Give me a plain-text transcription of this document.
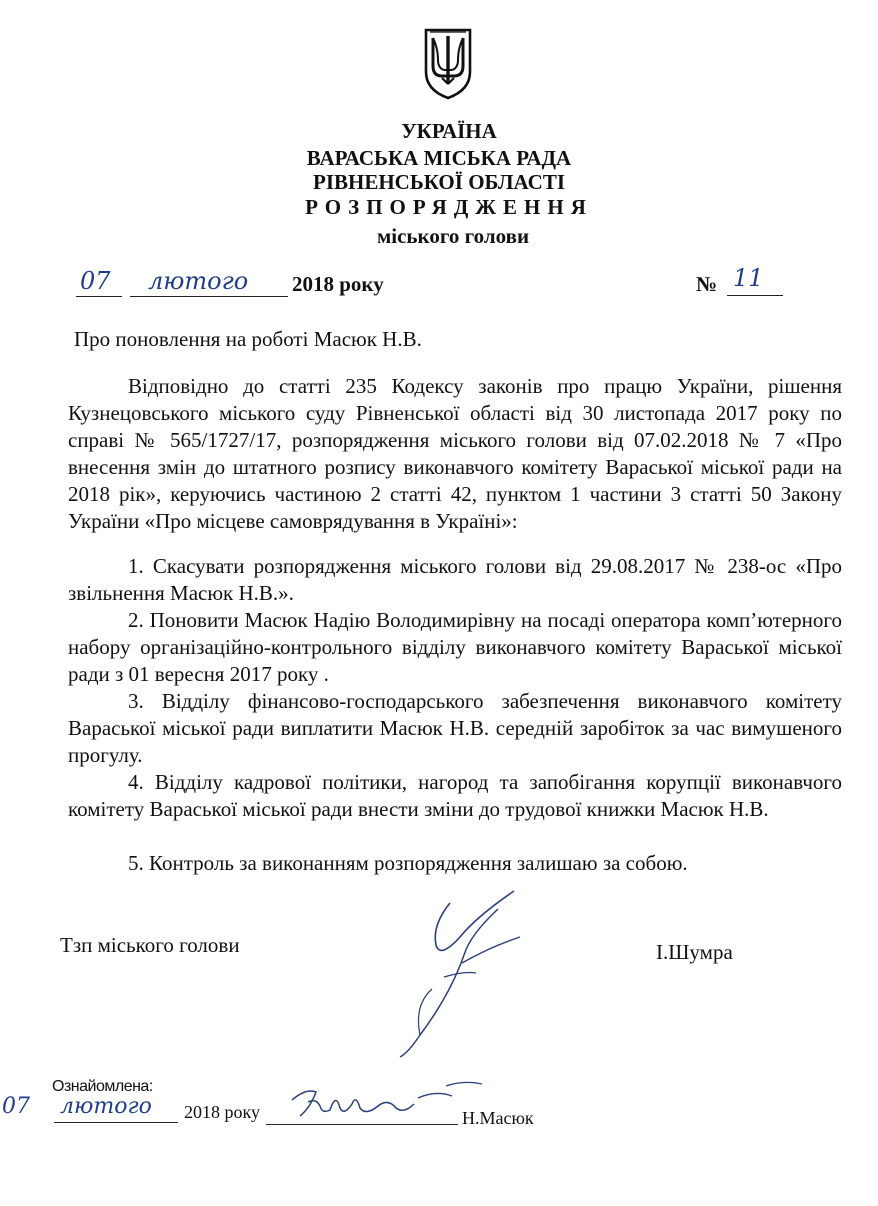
УКРАЇНА
ВАРАСЬКА МІСЬКА РАДА
РІВНЕНСЬКОЇ ОБЛАСТІ
РОЗПОРЯДЖЕННЯ
міського голови
07 лютого 2018 року	№ 11
Про поновлення на роботі Масюк Н.В.
Відповідно до статті 235 Кодексу законів про працю України, рішення Кузнецовського міського суду Рівненської області від 30 листопада 2017 року по справі № 565/1727/17, розпорядження міського голови від 07.02.2018 № 7 «Про внесення змін до штатного розпису виконавчого комітету Вараської міської ради на 2018 рік», керуючись частиною 2 статті 42, пунктом 1 частини 3 статті 50 Закону України «Про місцеве самоврядування в Україні»:
1. Скасувати розпорядження міського голови від 29.08.2017 № 238-ос «Про звільнення Масюк Н.В.».
2. Поновити Масюк Надію Володимирівну на посаді оператора комп’ютерного набору організаційно-контрольного відділу виконавчого комітету Вараської міської ради з 01 вересня 2017 року .
3. Відділу фінансово-господарського забезпечення виконавчого комітету Вараської міської ради виплатити Масюк Н.В. середній заробіток за час вимушеного прогулу.
4. Відділу кадрової політики, нагород та запобігання корупції виконавчого комітету Вараської міської ради внести зміни до трудової книжки Масюк Н.В.
5. Контроль за виконанням розпорядження залишаю за собою.
Тзп міського голови	І.Шумра
Ознайомлена:
07 лютого 2018 року	Н.Масюк
